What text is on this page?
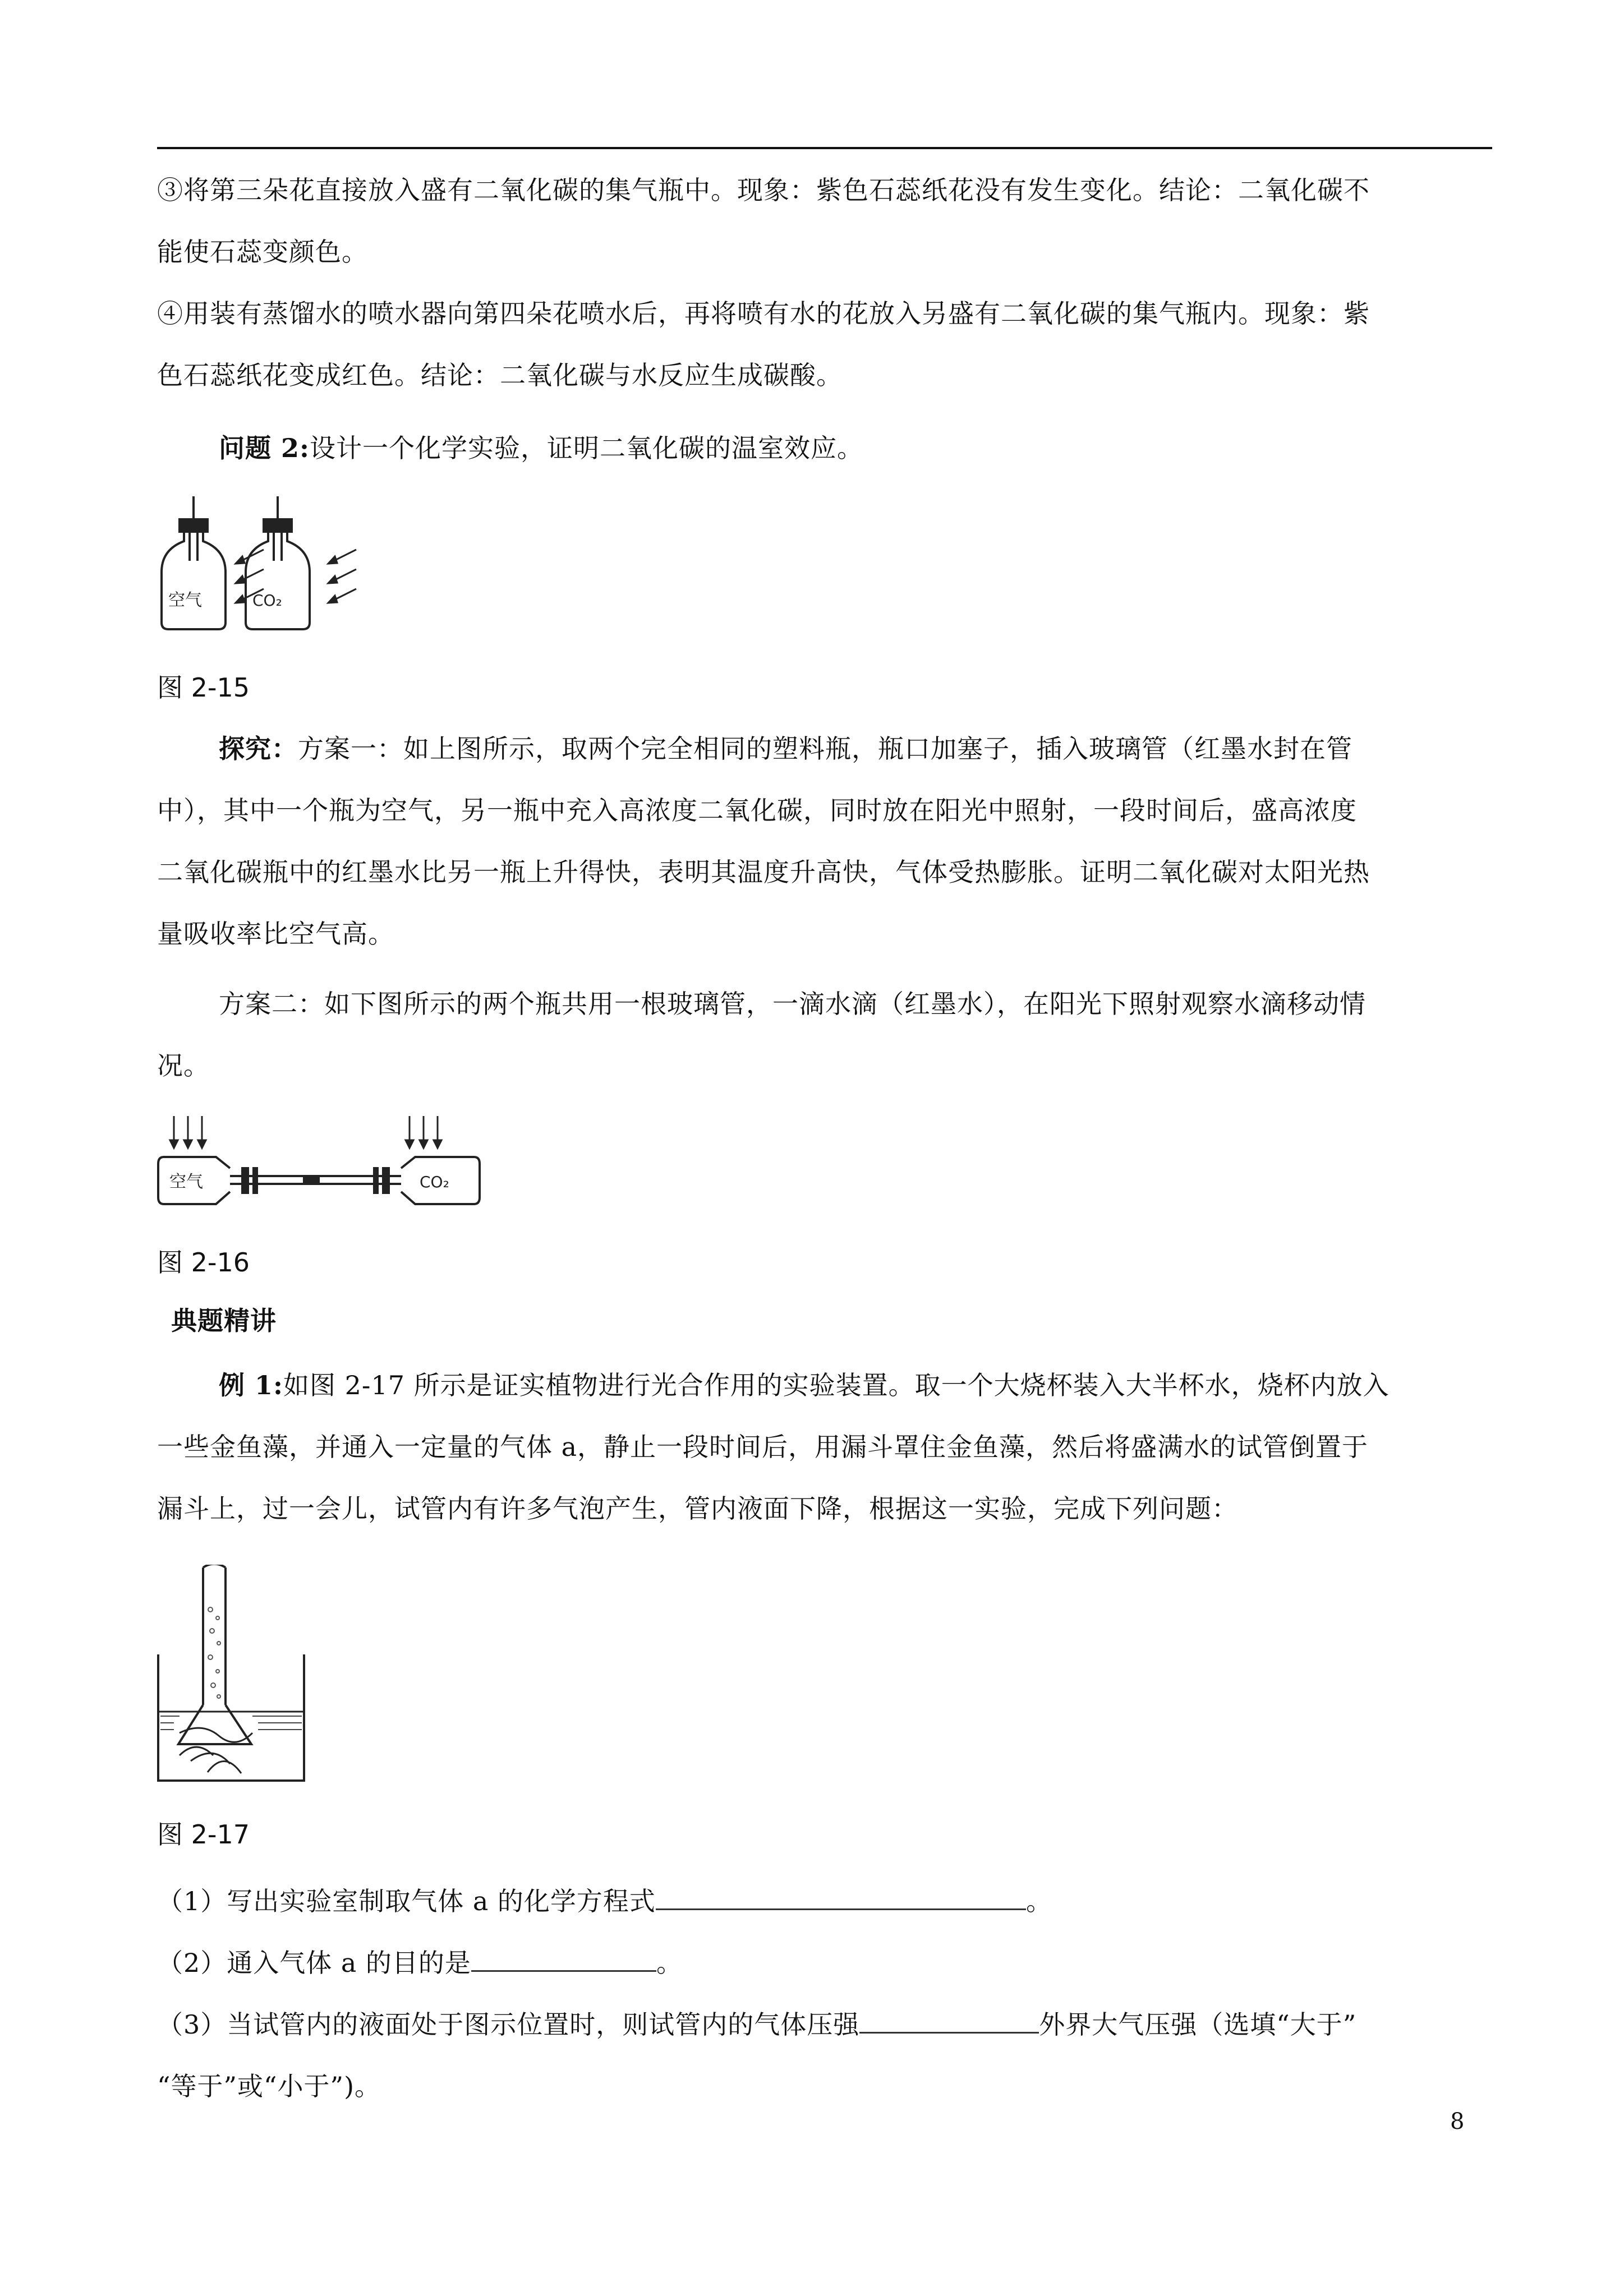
③将第三朵花直接放入盛有二氧化碳的集气瓶中。现象：紫色石蕊纸花没有发生变化。结论：二氧化碳不
能使石蕊变颜色。
④用装有蒸馏水的喷水器向第四朵花喷水后，再将喷有水的花放入另盛有二氧化碳的集气瓶内。现象：紫
色石蕊纸花变成红色。结论：二氧化碳与水反应生成碳酸。
问题 2:设计一个化学实验，证明二氧化碳的温室效应。
空气	CO₂
图 2-15
探究：方案一：如上图所示，取两个完全相同的塑料瓶，瓶口加塞子，插入玻璃管（红墨水封在管
中），其中一个瓶为空气，另一瓶中充入高浓度二氧化碳，同时放在阳光中照射，一段时间后，盛高浓度
二氧化碳瓶中的红墨水比另一瓶上升得快，表明其温度升高快，气体受热膨胀。证明二氧化碳对太阳光热
量吸收率比空气高。
方案二：如下图所示的两个瓶共用一根玻璃管，一滴水滴（红墨水），在阳光下照射观察水滴移动情
况。
空气	CO₂
图 2-16
典题精讲
例 1:如图 2-17 所示是证实植物进行光合作用的实验装置。取一个大烧杯装入大半杯水，烧杯内放入
一些金鱼藻，并通入一定量的气体 a，静止一段时间后，用漏斗罩住金鱼藻，然后将盛满水的试管倒置于
漏斗上，过一会儿，试管内有许多气泡产生，管内液面下降，根据这一实验，完成下列问题：
图 2-17
（1）写出实验室制取气体 a 的化学方程式	。
（2）通入气体 a 的目的是	。
（3）当试管内的液面处于图示位置时，则试管内的气体压强	外界大气压强（选填“大于”
“等于”或“小于”)。
8
